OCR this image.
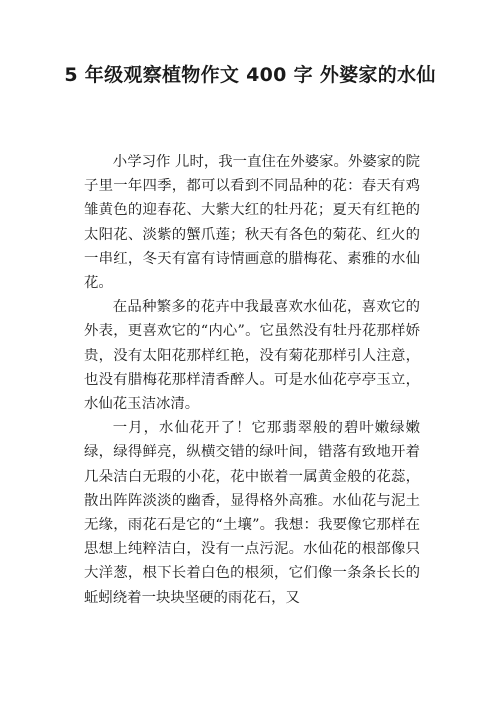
5 年级观察植物作文 400 字 外婆家的水仙

小学习作 儿时，我一直住在外婆家。外婆家的院子里一年四季，都可以看到不同品种的花：春天有鸡雏黄色的迎春花、大紫大红的牡丹花；夏天有红艳的太阳花、淡紫的蟹爪莲；秋天有各色的菊花、红火的一串红，冬天有富有诗情画意的腊梅花、素雅的水仙花。

在品种繁多的花卉中我最喜欢水仙花，喜欢它的外表，更喜欢它的“内心”。它虽然没有牡丹花那样娇贵，没有太阳花那样红艳，没有菊花那样引人注意，也没有腊梅花那样清香醉人。可是水仙花亭亭玉立，水仙花玉洁冰清。

一月，水仙花开了！它那翡翠般的碧叶嫩绿嫩绿，绿得鲜亮，纵横交错的绿叶间，错落有致地开着几朵洁白无瑕的小花，花中嵌着一属黄金般的花蕊，散出阵阵淡淡的幽香，显得格外高雅。水仙花与泥土无缘，雨花石是它的“土壤”。我想：我要像它那样在思想上纯粹洁白，没有一点污泥。水仙花的根部像只大洋葱，根下长着白色的根须，它们像一条条长长的蚯蚓绕着一块块坚硬的雨花石，又
